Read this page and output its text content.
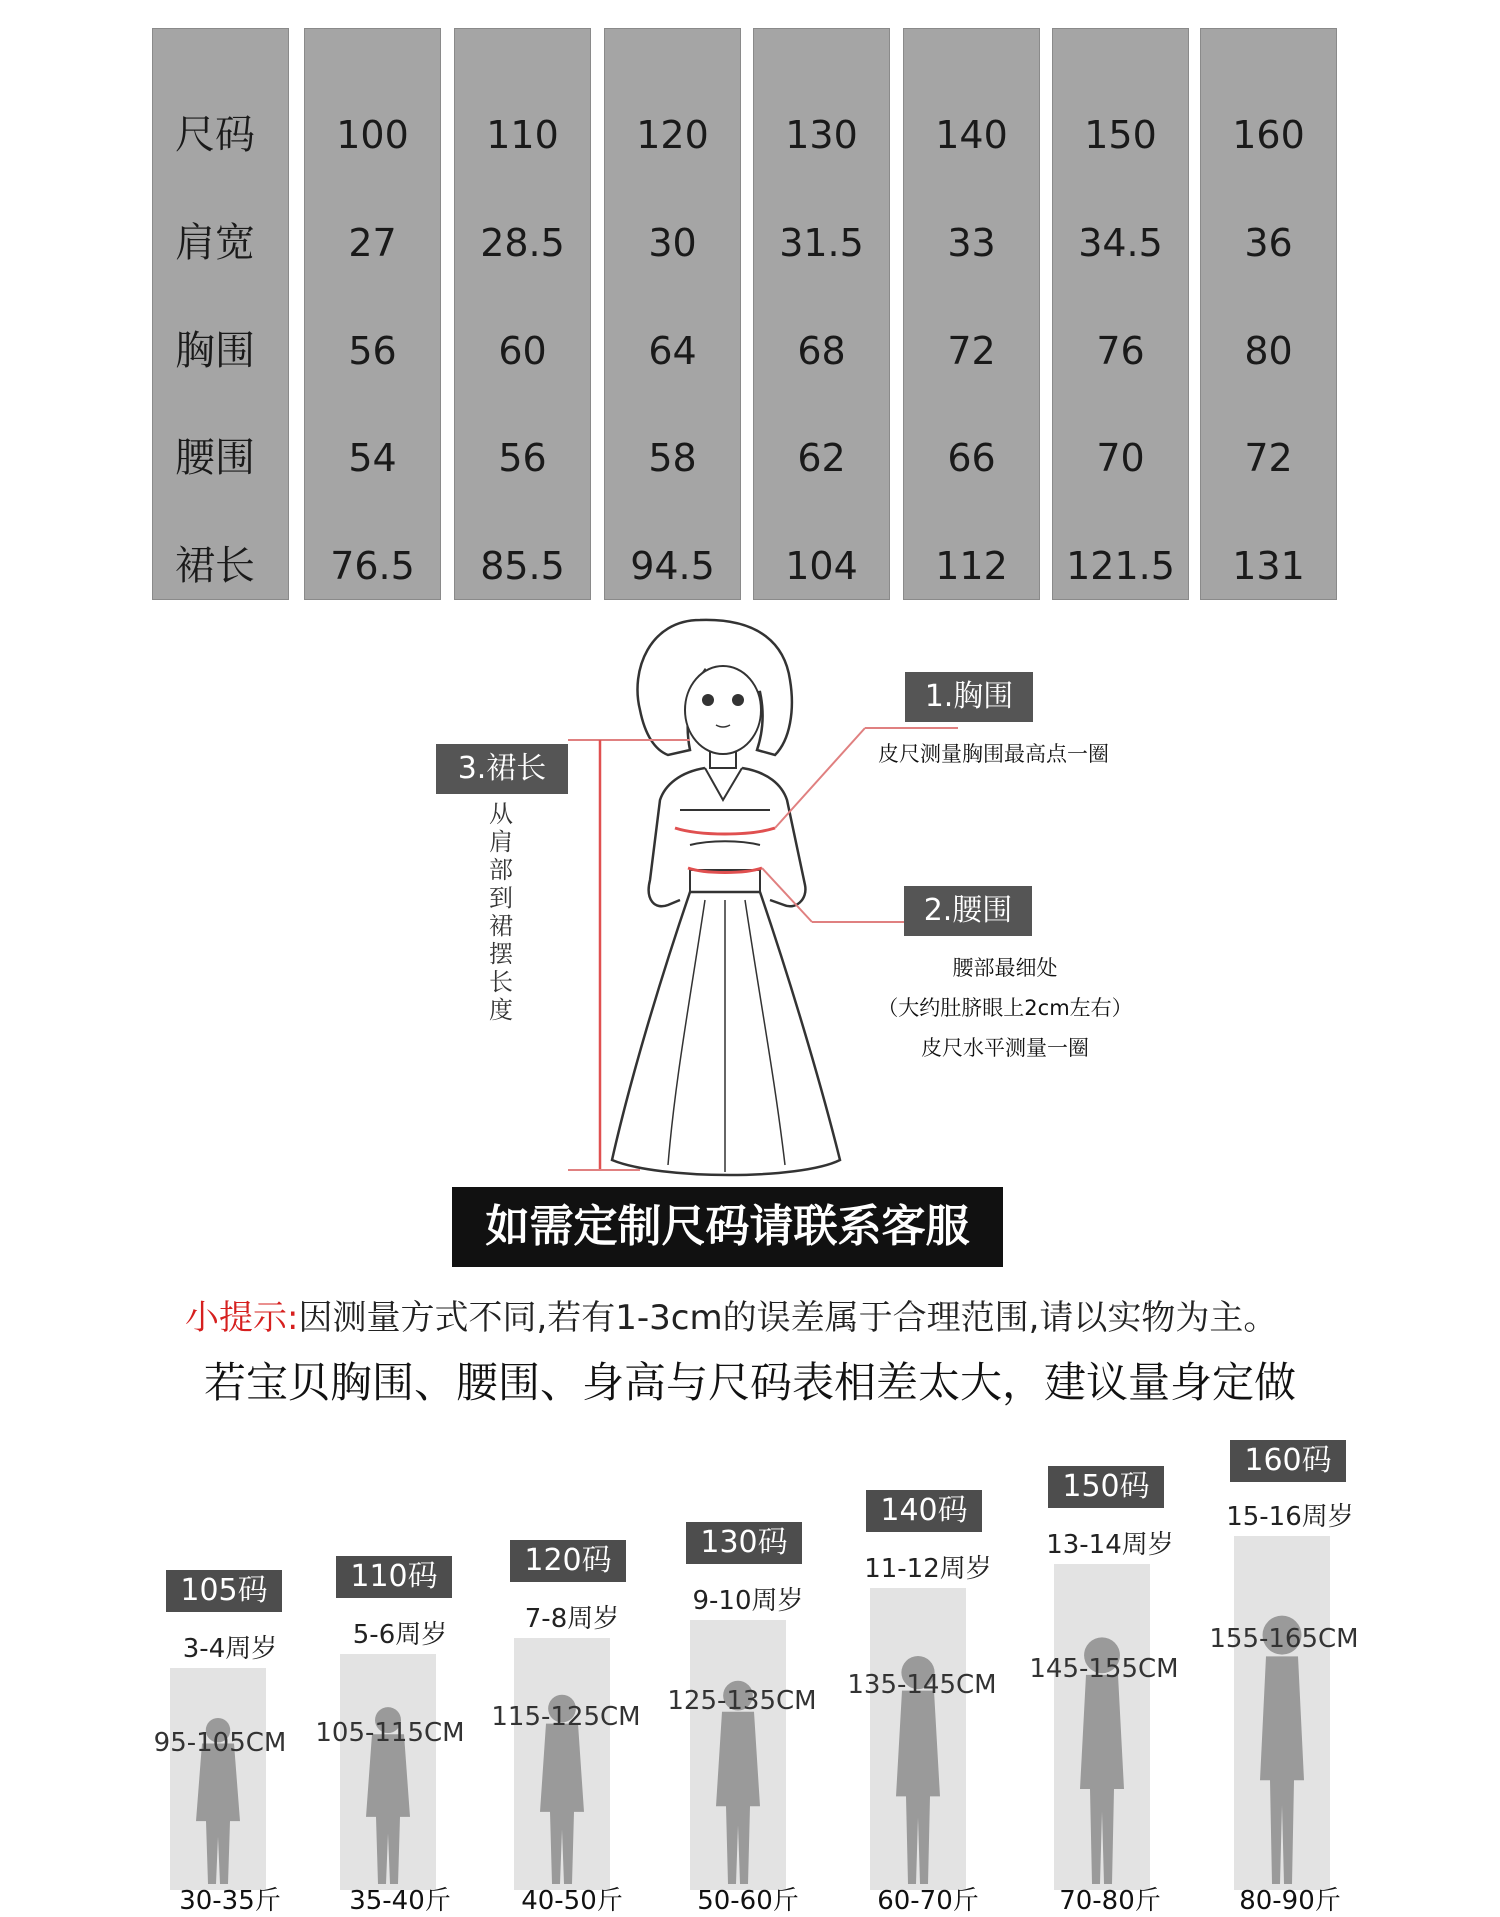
尺码
肩宽
胸围
腰围
裙长
100
27
56
54
76.5
110
28.5
60
56
85.5
120
30
64
58
94.5
130
31.5
68
62
104
140
33
72
66
112
150
34.5
76
70
121.5
160
36
80
72
131
1.胸围
皮尺测量胸围最高点一圈
2.腰围
腰部最细处
（大约肚脐眼上2cm左右）
皮尺水平测量一圈
3.裙长
从
肩
部
到
裙
摆
长
度
如需定制尺码请联系客服
小提示:因测量方式不同,若有1-3cm的误差属于合理范围,请以实物为主。
若宝贝胸围、腰围、身高与尺码表相差太大，建议量身定做
105码
3-4周岁
95-105CM
30-35斤
110码
5-6周岁
105-115CM
35-40斤
120码
7-8周岁
115-125CM
40-50斤
130码
9-10周岁
125-135CM
50-60斤
140码
11-12周岁
135-145CM
60-70斤
150码
13-14周岁
145-155CM
70-80斤
160码
15-16周岁
155-165CM
80-90斤
